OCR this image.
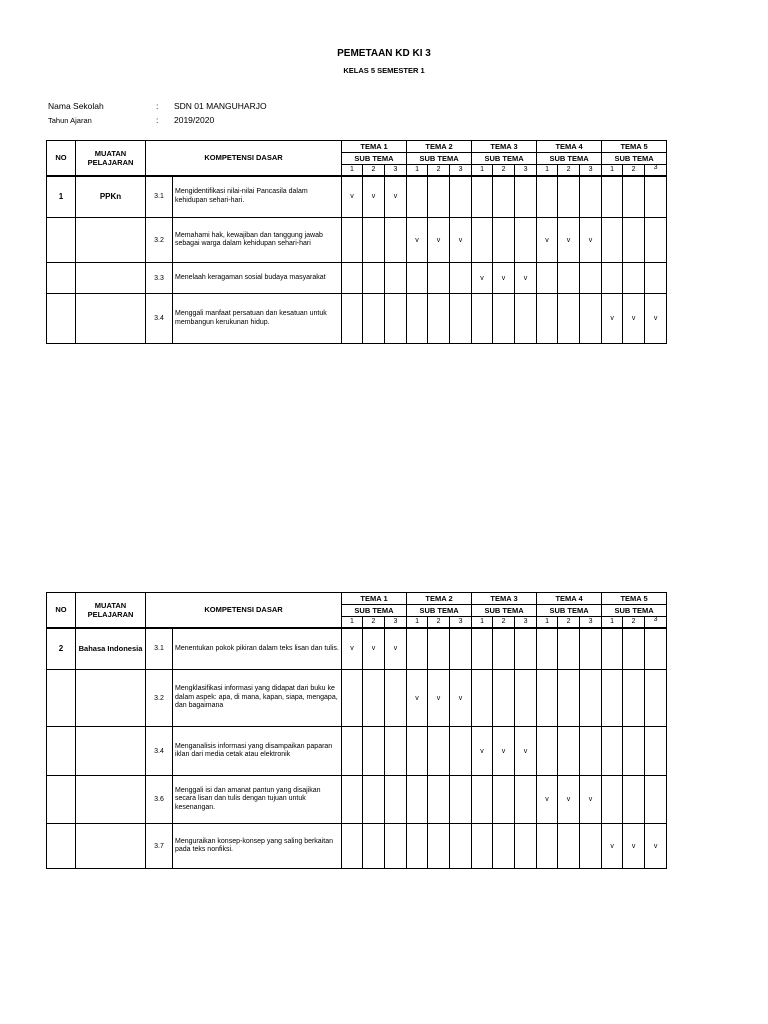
PEMETAAN KD KI 3
KELAS 5 SEMESTER 1
Nama Sekolah	: SDN 01 MANGUHARJO
Tahun Ajaran	: 2019/2020
NO	MUATAN PELAJARAN	KOMPETENSI DASAR		TEMA 1			TEMA 2			TEMA 3			TEMA 4			TEMA 5		
				SUB TEMA			SUB TEMA			SUB TEMA			SUB TEMA			SUB TEMA		
				1	2	3	1	2	3	1	2	3	1	2	3	1	2	3
1	PPKn	3.1	Mengidentifikasi nilai-nilai Pancasila dalam kehidupan sehari-hari.	v	v	v												
		3.2	Memahami hak, kewajiban dan tanggung jawab sebagai warga dalam kehidupan sehari-hari				v	v	v				v	v	v			
		3.3	Menelaah keragaman sosial budaya masyarakat							v	v	v						
		3.4	Menggali manfaat persatuan dan kesatuan untuk membangun kerukunan hidup.													v	v	v
NO	MUATAN PELAJARAN	KOMPETENSI DASAR		TEMA 1			TEMA 2			TEMA 3			TEMA 4			TEMA 5		
				SUB TEMA			SUB TEMA			SUB TEMA			SUB TEMA			SUB TEMA		
				1	2	3	1	2	3	1	2	3	1	2	3	1	2	3
2	Bahasa Indonesia	3.1	Menentukan pokok pikiran dalam teks lisan dan tulis.	v	v	v												
		3.2	Mengklasifikasi informasi yang didapat dari buku ke dalam aspek: apa, di mana, kapan, siapa, mengapa, dan bagaimana				v	v	v									
		3.4	Menganalisis informasi yang disampaikan paparan iklan dari media cetak atau elektronik							v	v	v						
		3.6	Menggali isi dan amanat pantun yang disajikan secara lisan dan tulis dengan tujuan untuk kesenangan.										v	v	v			
		3.7	Menguraikan konsep-konsep yang saling berkaitan pada teks nonfiksi.													v	v	v
